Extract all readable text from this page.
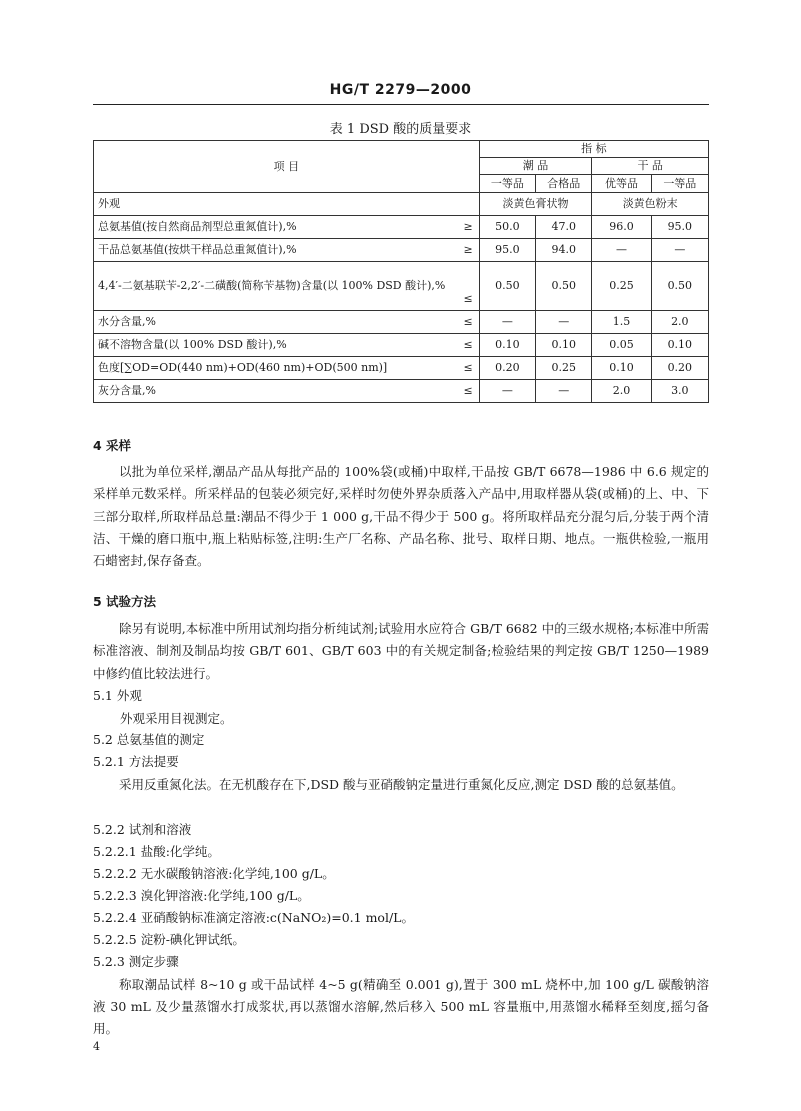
HG/T 2279—2000
表 1 DSD 酸的质量要求
项 目		指 标			
		潮 品		干 品	
		一等品	合格品	优等品	一等品
外观		淡黄色膏状物		淡黄色粉末	
总氨基值(按自然商品剂型总重氮值计),%	≥	50.0	47.0	96.0	95.0
干品总氨基值(按烘干样品总重氮值计),%	≥	95.0	94.0	—	—
4,4′-二氨基联苄-2,2′-二磺酸(简称苄基物)含量(以 100% DSD 酸计),%	≤	0.50	0.50	0.25	0.50
水分含量,%	≤	—	—	1.5	2.0
碱不溶物含量(以 100% DSD 酸计),%	≤	0.10	0.10	0.05	0.10
色度[∑OD=OD(440 nm)+OD(460 nm)+OD(500 nm)]	≤	0.20	0.25	0.10	0.20
灰分含量,%	≤	—	—	2.0	3.0
4 采样
以批为单位采样,潮品产品从每批产品的 100%袋(或桶)中取样,干品按 GB/T 6678—1986 中 6.6 规定的采样单元数采样。所采样品的包装必须完好,采样时勿使外界杂质落入产品中,用取样器从袋(或桶)的上、中、下三部分取样,所取样品总量:潮品不得少于 1 000 g,干品不得少于 500 g。将所取样品充分混匀后,分装于两个清洁、干燥的磨口瓶中,瓶上粘贴标签,注明:生产厂名称、产品名称、批号、取样日期、地点。一瓶供检验,一瓶用石蜡密封,保存备查。
5 试验方法
除另有说明,本标准中所用试剂均指分析纯试剂;试验用水应符合 GB/T 6682 中的三级水规格;本标准中所需标准溶液、制剂及制品均按 GB/T 601、GB/T 603 中的有关规定制备;检验结果的判定按 GB/T 1250—1989 中修约值比较法进行。
5.1 外观
外观采用目视测定。
5.2 总氨基值的测定
5.2.1 方法提要
采用反重氮化法。在无机酸存在下,DSD 酸与亚硝酸钠定量进行重氮化反应,测定 DSD 酸的总氨基值。
5.2.2 试剂和溶液
5.2.2.1 盐酸:化学纯。
5.2.2.2 无水碳酸钠溶液:化学纯,100 g/L。
5.2.2.3 溴化钾溶液:化学纯,100 g/L。
5.2.2.4 亚硝酸钠标准滴定溶液:c(NaNO₂)=0.1 mol/L。
5.2.2.5 淀粉-碘化钾试纸。
5.2.3 测定步骤
称取潮品试样 8~10 g 或干品试样 4~5 g(精确至 0.001 g),置于 300 mL 烧杯中,加 100 g/L 碳酸钠溶液 30 mL 及少量蒸馏水打成浆状,再以蒸馏水溶解,然后移入 500 mL 容量瓶中,用蒸馏水稀释至刻度,摇匀备用。
4
